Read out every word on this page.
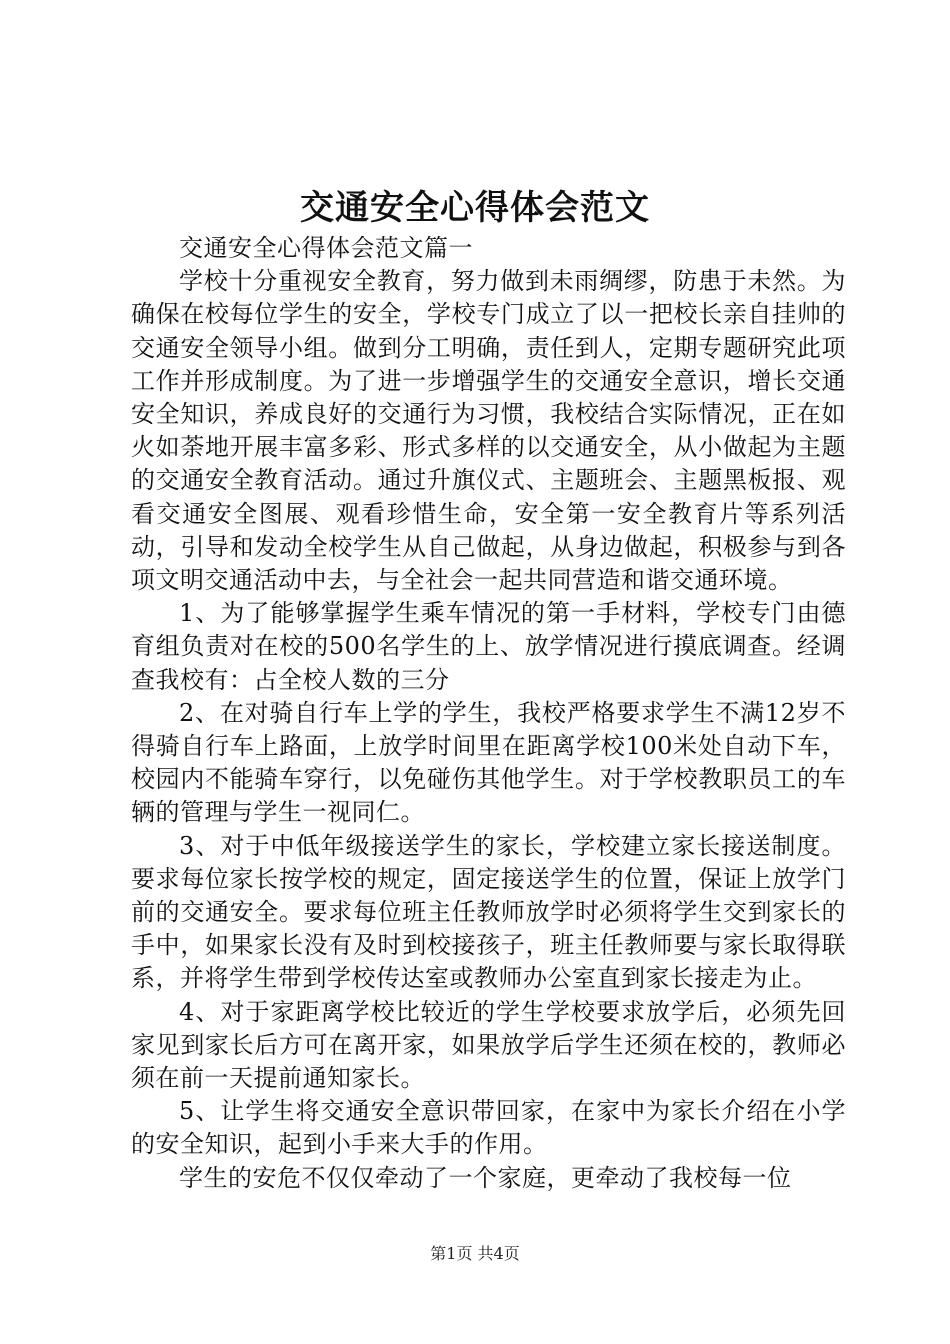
交通安全心得体会范文

交通安全心得体会范文篇一

学校十分重视安全教育，努力做到未雨绸缪，防患于未然。为确保在校每位学生的安全，学校专门成立了以一把校长亲自挂帅的交通安全领导小组。做到分工明确，责任到人，定期专题研究此项工作并形成制度。为了进一步增强学生的交通安全意识，增长交通安全知识，养成良好的交通行为习惯，我校结合实际情况，正在如火如荼地开展丰富多彩、形式多样的以交通安全，从小做起为主题的交通安全教育活动。通过升旗仪式、主题班会、主题黑板报、观看交通安全图展、观看珍惜生命，安全第一安全教育片等系列活动，引导和发动全校学生从自己做起，从身边做起，积极参与到各项文明交通活动中去，与全社会一起共同营造和谐交通环境。

1、为了能够掌握学生乘车情况的第一手材料，学校专门由德育组负责对在校的500名学生的上、放学情况进行摸底调查。经调查我校有：占全校人数的三分

2、在对骑自行车上学的学生，我校严格要求学生不满12岁不得骑自行车上路面，上放学时间里在距离学校100米处自动下车，校园内不能骑车穿行，以免碰伤其他学生。对于学校教职员工的车辆的管理与学生一视同仁。

3、对于中低年级接送学生的家长，学校建立家长接送制度。要求每位家长按学校的规定，固定接送学生的位置，保证上放学门前的交通安全。要求每位班主任教师放学时必须将学生交到家长的手中，如果家长没有及时到校接孩子，班主任教师要与家长取得联系，并将学生带到学校传达室或教师办公室直到家长接走为止。

4、对于家距离学校比较近的学生学校要求放学后，必须先回家见到家长后方可在离开家，如果放学后学生还须在校的，教师必须在前一天提前通知家长。

5、让学生将交通安全意识带回家，在家中为家长介绍在小学的安全知识，起到小手来大手的作用。

学生的安危不仅仅牵动了一个家庭，更牵动了我校每一位

第1页 共4页
